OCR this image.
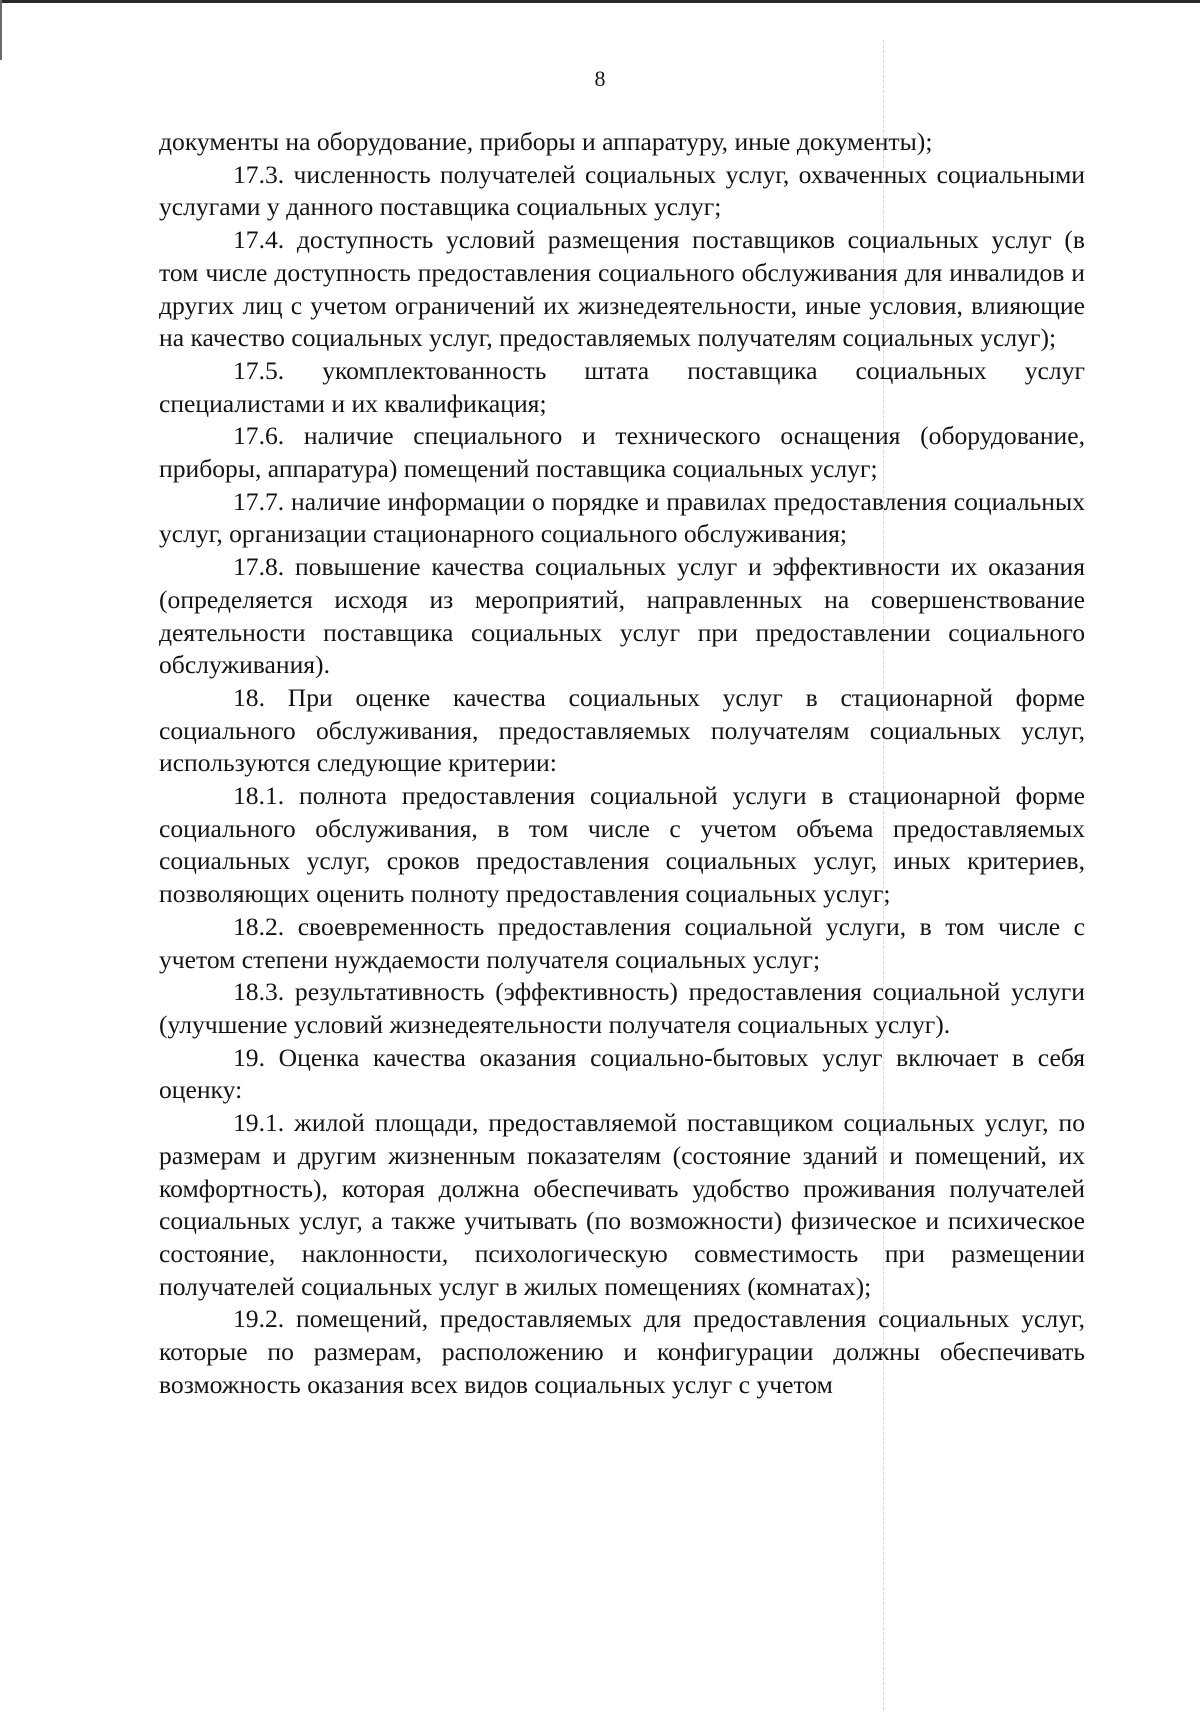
8

документы на оборудование, приборы и аппаратуру, иные документы);

17.3. численность получателей социальных услуг, охваченных социальными услугами у данного поставщика социальных услуг;

17.4. доступность условий размещения поставщиков социальных услуг (в том числе доступность предоставления социального обслуживания для инвалидов и других лиц с учетом ограничений их жизнедеятельности, иные условия, влияющие на качество социальных услуг, предоставляемых получателям социальных услуг);

17.5. укомплектованность штата поставщика социальных услуг специалистами и их квалификация;

17.6. наличие специального и технического оснащения (оборудование, приборы, аппаратура) помещений поставщика социальных услуг;

17.7. наличие информации о порядке и правилах предоставления социальных услуг, организации стационарного социального обслуживания;

17.8. повышение качества социальных услуг и эффективности их оказания (определяется исходя из мероприятий, направленных на совершенствование деятельности поставщика социальных услуг при предоставлении социального обслуживания).

18. При оценке качества социальных услуг в стационарной форме социального обслуживания, предоставляемых получателям социальных услуг, используются следующие критерии:

18.1. полнота предоставления социальной услуги в стационарной форме социального обслуживания, в том числе с учетом объема предоставляемых социальных услуг, сроков предоставления социальных услуг, иных критериев, позволяющих оценить полноту предоставления социальных услуг;

18.2. своевременность предоставления социальной услуги, в том числе с учетом степени нуждаемости получателя социальных услуг;

18.3. результативность (эффективность) предоставления социальной услуги (улучшение условий жизнедеятельности получателя социальных услуг).

19. Оценка качества оказания социально-бытовых услуг включает в себя оценку:

19.1. жилой площади, предоставляемой поставщиком социальных услуг, по размерам и другим жизненным показателям (состояние зданий и помещений, их комфортность), которая должна обеспечивать удобство проживания получателей социальных услуг, а также учитывать (по возможности) физическое и психическое состояние, наклонности, психологическую совместимость при размещении получателей социальных услуг в жилых помещениях (комнатах);

19.2. помещений, предоставляемых для предоставления социальных услуг, которые по размерам, расположению и конфигурации должны обеспечивать возможность оказания всех видов социальных услуг с учетом
